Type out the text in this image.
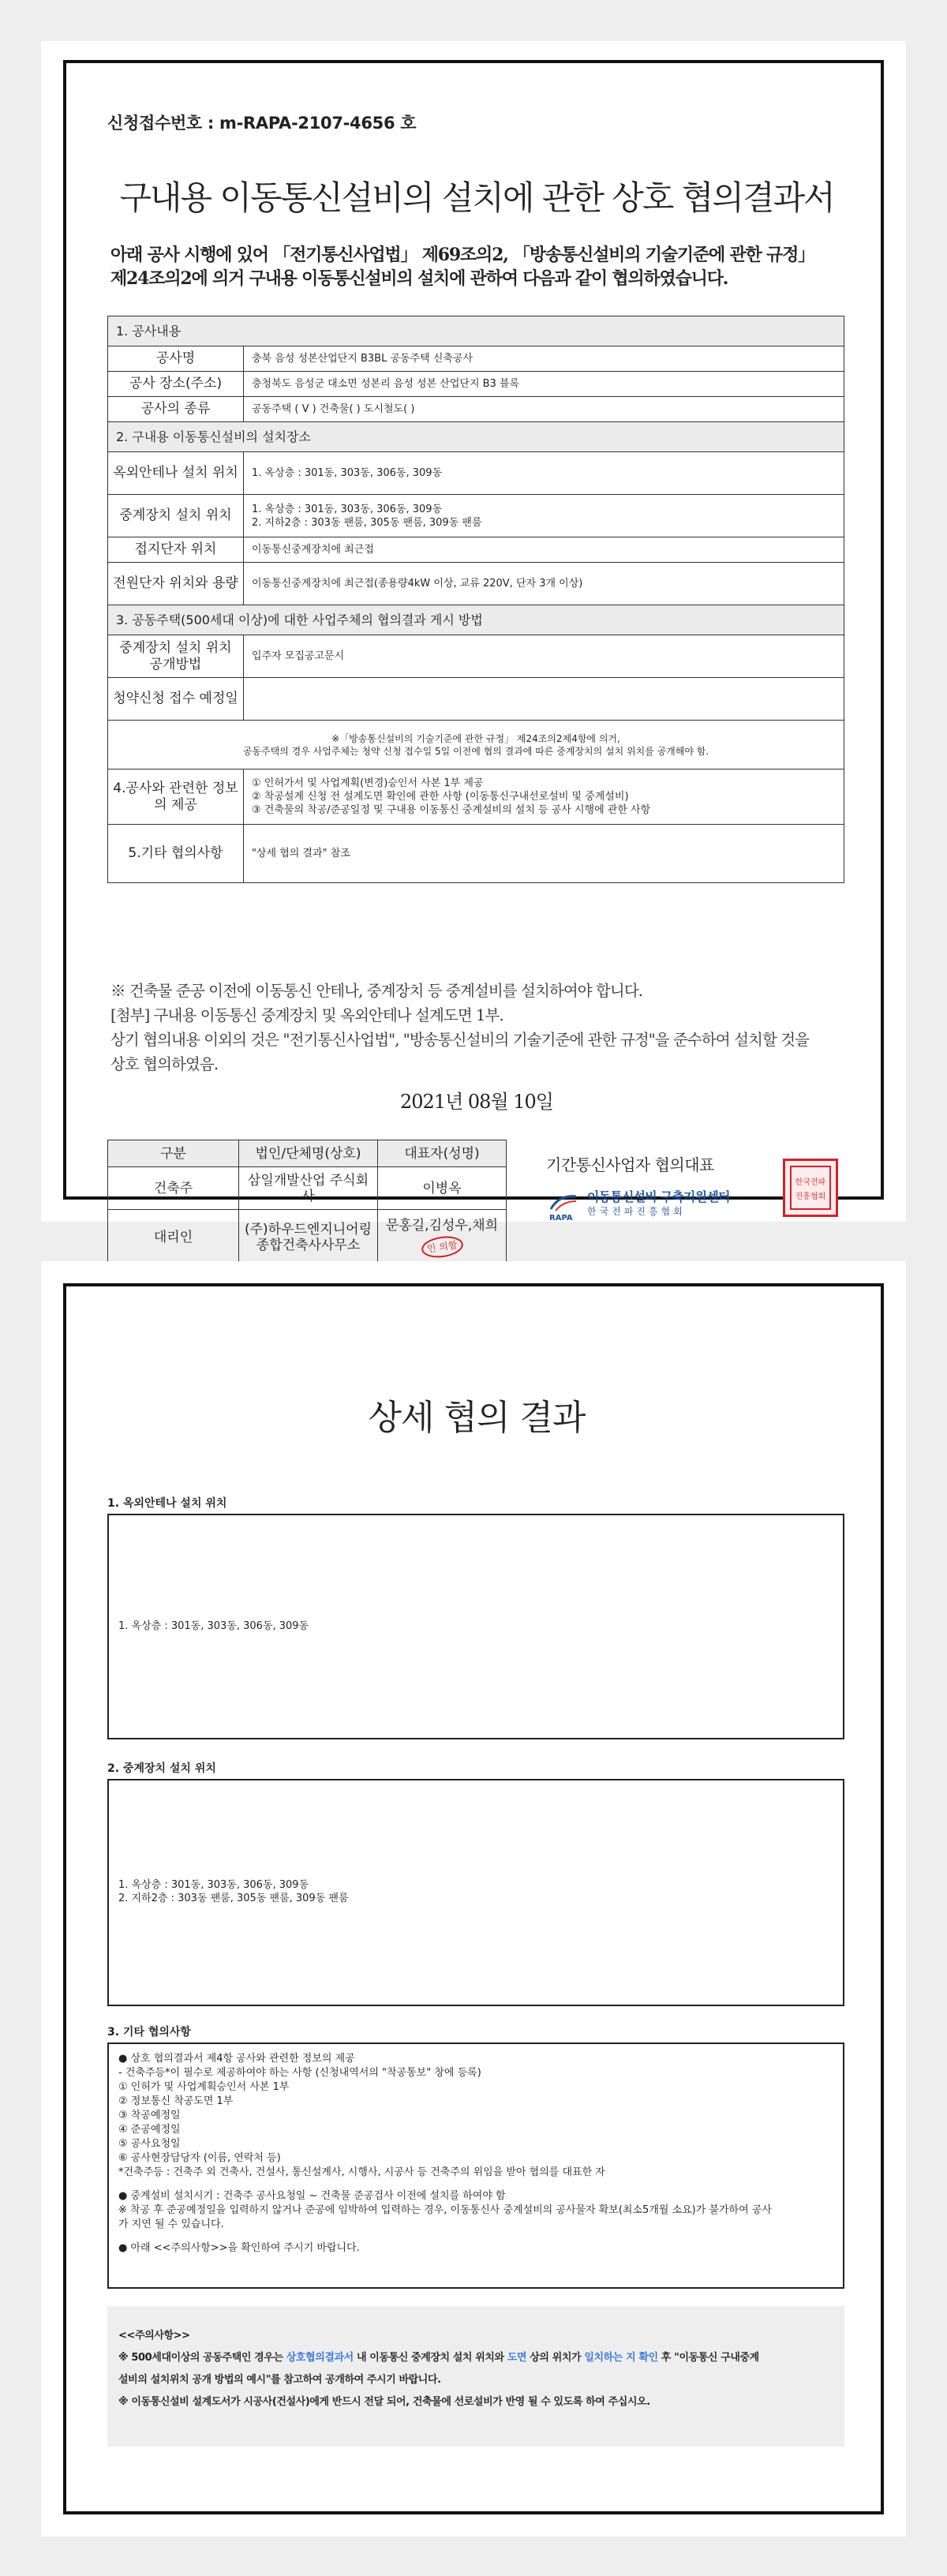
신청접수번호 : m-RAPA-2107-4656 호
구내용 이동통신설비의 설치에 관한 상호 협의결과서
아래 공사 시행에 있어 「전기통신사업법」 제69조의2, 「방송통신설비의 기술기준에 관한 규정」
제24조의2에 의거 구내용 이동통신설비의 설치에 관하여 다음과 같이 협의하였습니다.
1. 공사내용	
공사명	충북 음성 성본산업단지 B3BL 공동주택 신축공사
공사 장소(주소)	충청북도 음성군 대소면 성본리 음성 성본 산업단지 B3 블록
공사의 종류	공동주택 ( V ) 건축물( ) 도시철도( )
2. 구내용 이동통신설비의 설치장소	
옥외안테나 설치 위치	1. 옥상층 : 301동, 303동, 306동, 309동
중계장치 설치 위치	1. 옥상층 : 301동, 303동, 306동, 309동
2. 지하2층 : 303동 팬룸, 305동 팬룸, 309동 팬룸

접지단자 위치	이동통신중계장치에 최근접
전원단자 위치와 용량	이동통신중계장치에 최근접(종용량4kW 이상, 교류 220V, 단자 3개 이상)
3. 공동주택(500세대 이상)에 대한 사업주체의 협의결과 게시 방법	
중계장치 설치 위치 공개방법	입주자 모집공고문시
청약신청 접수 예정일	

※「방송통신설비의 기술기준에 관한 규정」 제24조의2제4항에 의거,
공동주택의 경우 사업주체는 청약 신청 접수일 5일 이전에 협의 결과에 따른 중계장치의 설치 위치를 공개해야 함.	

4.공사와 관련한 정보의 제공	① 인허가서 및 사업계획(변경)승인서 사본 1부 제공
② 착공설계 신청 전 설계도면 확인에 관한 사항 (이동통신구내선로설비 및 중계설비)
③ 건축물의 착공/준공일정 및 구내용 이동통신 중계설비의 설치 등 공사 시행에 관한 사항

5.기타 협의사항	"상세 협의 결과" 참조
※ 건축물 준공 이전에 이동통신 안테나, 중계장치 등 중계설비를 설치하여야 합니다.
[첨부] 구내용 이동통신 중계장치 및 옥외안테나 설계도면 1부.
상기 협의내용 이외의 것은 "전기통신사업법", "방송통신설비의 기술기준에 관한 규정"을 준수하여 설치할 것을
상호 협의하였음.
2021년 08월 10일
구분	법인/단체명(상호)	대표자(성명)
건축주	삼일개발산업 주식회사	이병옥
대리인	(주)하우드엔지니어링종합건축사사무소	문홍길,김성우,채희
인 의함
기간통신사업자 협의대표
RAPA
이동통신설비 구축지원센터
한국전파진흥협회
한국전파
진흥협회
상세 협의 결과
1. 옥외안테나 설치 위치
1. 옥상층 : 301동, 303동, 306동, 309동
2. 중계장치 설치 위치
1. 옥상층 : 301동, 303동, 306동, 309동
2. 지하2층 : 303동 팬룸, 305동 팬룸, 309동 팬룸
3. 기타 협의사항
● 상호 협의결과서 제4항 공사와 관련한 정보의 제공
- 건축주등*이 필수로 제공하여야 하는 사항 (신청내역서의 "착공통보" 창에 등록)
① 인허가 및 사업계획승인서 사본 1부
② 정보통신 착공도면 1부
③ 착공예정일
④ 준공예정일
⑤ 공사요청일
⑥ 공사현장담당자 (이름, 연락처 등)
*건축주등 : 건축주 외 건축사, 건설사, 통신설계사, 시행사, 시공사 등 건축주의 위임을 받아 협의를 대표한 자
● 중계설비 설치시기 : 건축주 공사요청일 ~ 건축물 준공검사 이전에 설치를 하여야 함
※ 착공 후 준공예정일을 입력하지 않거나 준공에 임박하여 입력하는 경우, 이동통신사 중계설비의 공사물자 확보(최소5개월 소요)가 불가하여 공사
가 지연 될 수 있습니다.
● 아래 <<주의사항>>을 확인하여 주시기 바랍니다.
<<주의사항>>
※ 500세대이상의 공동주택인 경우는 상호협의결과서 내 이동통신 중계장치 설치 위치와 도면 상의 위치가 일치하는 지 확인 후 "이동통신 구내중계
설비의 설치위치 공개 방법의 예시"를 참고하여 공개하여 주시기 바랍니다.
※ 이동통신설비 설계도서가 시공사(건설사)에게 반드시 전달 되어, 건축물에 선로설비가 반영 될 수 있도록 하여 주십시오.
